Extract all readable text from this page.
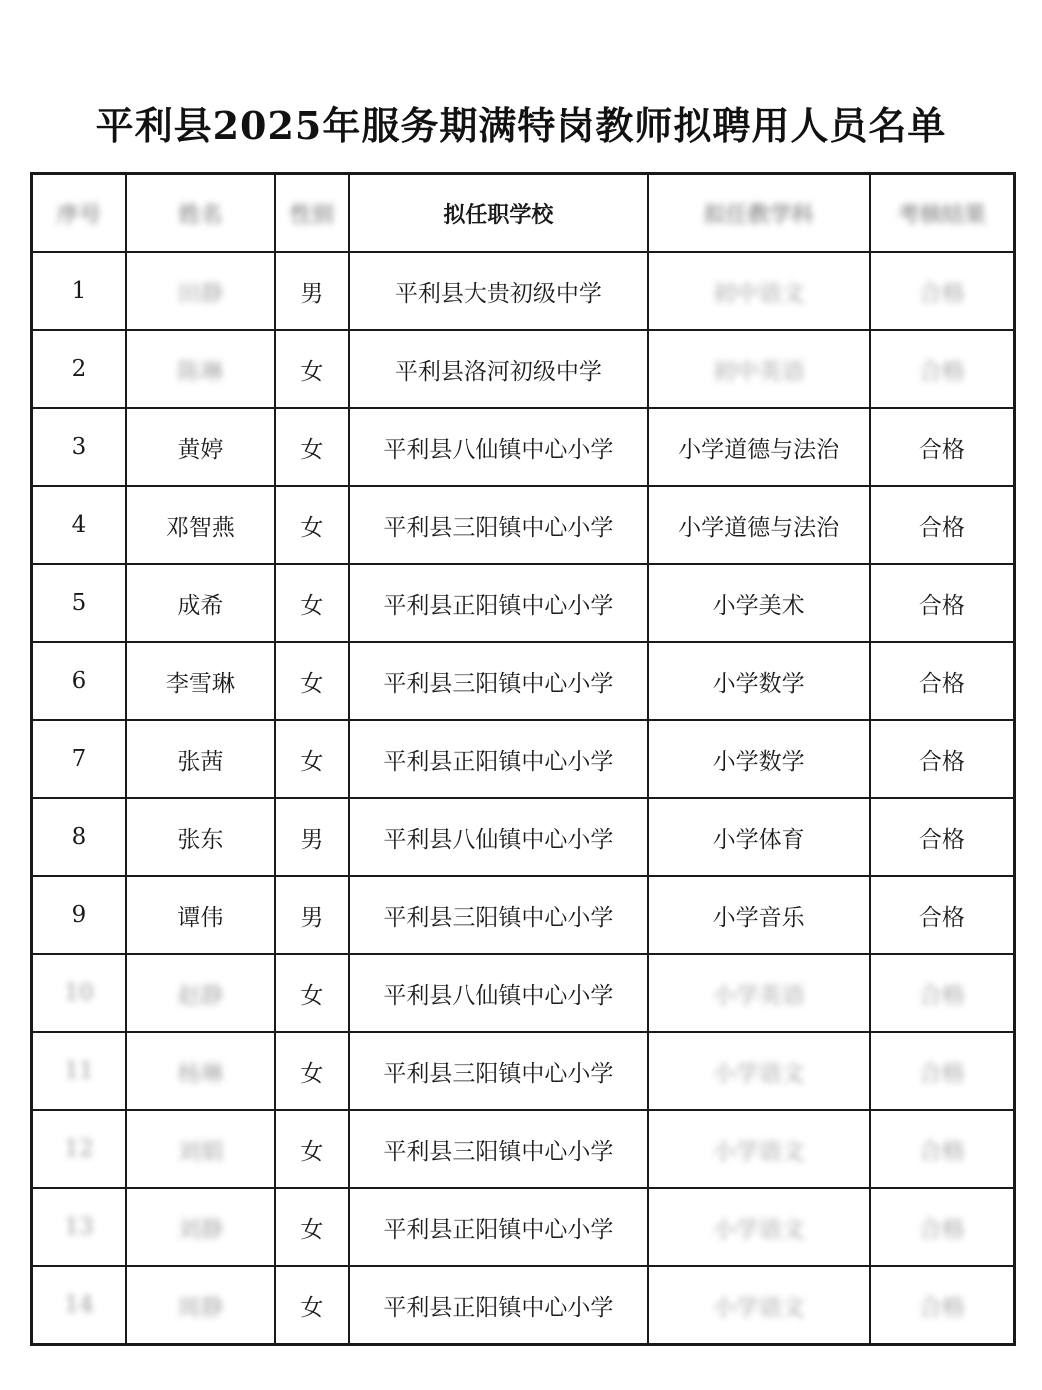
平利县2025年服务期满特岗教师拟聘用人员名单
序号	姓名	性别	拟任职学校	拟任教学科	考核结果
1	田静	男	平利县大贵初级中学	初中语文	合格
2	陈琳	女	平利县洛河初级中学	初中英语	合格
3	黄婷	女	平利县八仙镇中心小学	小学道德与法治	合格
4	邓智燕	女	平利县三阳镇中心小学	小学道德与法治	合格
5	成希	女	平利县正阳镇中心小学	小学美术	合格
6	李雪琳	女	平利县三阳镇中心小学	小学数学	合格
7	张茜	女	平利县正阳镇中心小学	小学数学	合格
8	张东	男	平利县八仙镇中心小学	小学体育	合格
9	谭伟	男	平利县三阳镇中心小学	小学音乐	合格
10	赵静	女	平利县八仙镇中心小学	小学英语	合格
11	杨琳	女	平利县三阳镇中心小学	小学语文	合格
12	刘娟	女	平利县三阳镇中心小学	小学语文	合格
13	刘静	女	平利县正阳镇中心小学	小学语文	合格
14	周静	女	平利县正阳镇中心小学	小学语文	合格
